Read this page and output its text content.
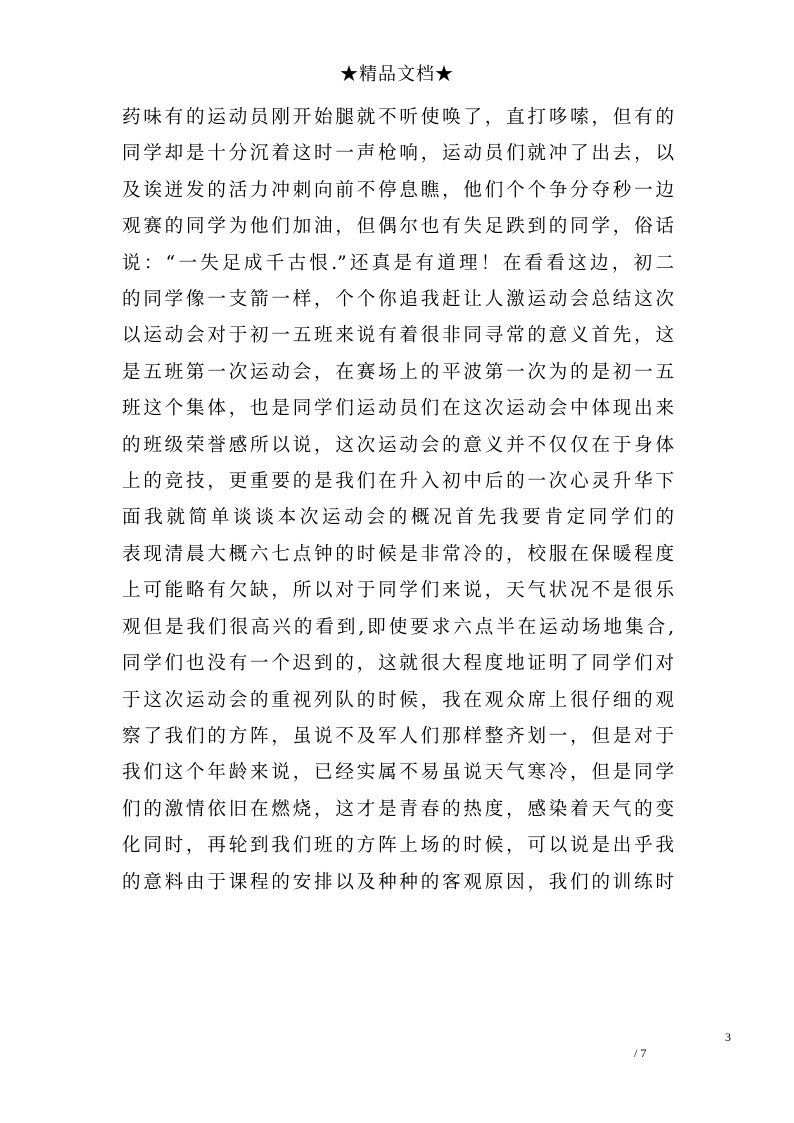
★精品文档★
药味有的运动员刚开始腿就不听使唤了，直打哆嗦，但有的
同学却是十分沉着这时一声枪响，运动员们就冲了出去，以
及诶迸发的活力冲刺向前不停息瞧，他们个个争分夺秒一边
观赛的同学为他们加油，但偶尔也有失足跌到的同学，俗话
说：“一失足成千古恨.”还真是有道理！在看看这边，初二
的同学像一支箭一样，个个你追我赶让人激运动会总结这次
以运动会对于初一五班来说有着很非同寻常的意义首先，这
是五班第一次运动会，在赛场上的平波第一次为的是初一五
班这个集体，也是同学们运动员们在这次运动会中体现出来
的班级荣誉感所以说，这次运动会的意义并不仅仅在于身体
上的竞技，更重要的是我们在升入初中后的一次心灵升华下
面我就简单谈谈本次运动会的概况首先我要肯定同学们的
表现清晨大概六七点钟的时候是非常冷的，校服在保暖程度
上可能略有欠缺，所以对于同学们来说，天气状况不是很乐
观但是我们很高兴的看到,即使要求六点半在运动场地集合,
同学们也没有一个迟到的，这就很大程度地证明了同学们对
于这次运动会的重视列队的时候，我在观众席上很仔细的观
察了我们的方阵，虽说不及军人们那样整齐划一，但是对于
我们这个年龄来说，已经实属不易虽说天气寒冷，但是同学
们的激情依旧在燃烧，这才是青春的热度，感染着天气的变
化同时，再轮到我们班的方阵上场的时候，可以说是出乎我
的意料由于课程的安排以及种种的客观原因，我们的训练时
3
/ 7
